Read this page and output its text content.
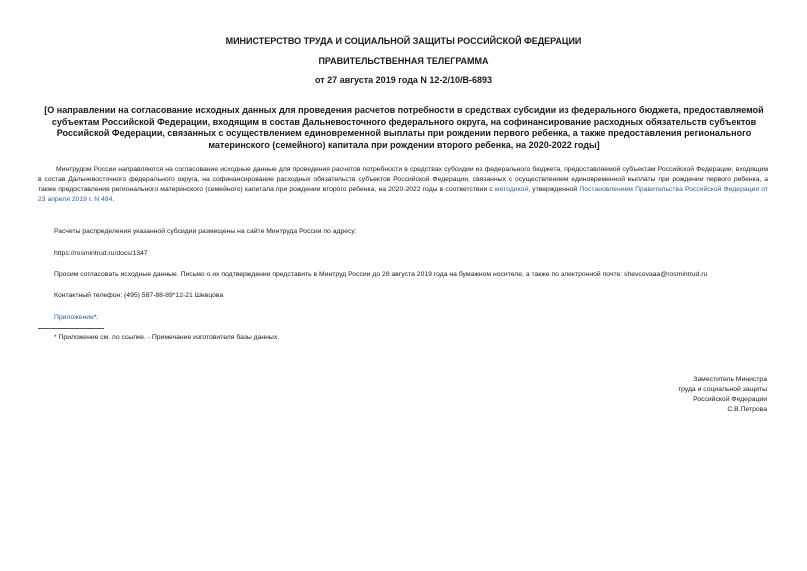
МИНИСТЕРСТВО ТРУДА И СОЦИАЛЬНОЙ ЗАЩИТЫ РОССИЙСКОЙ ФЕДЕРАЦИИ

ПРАВИТЕЛЬСТВЕННАЯ ТЕЛЕГРАММА

от 27 августа 2019 года N 12-2/10/В-6893

[О направлении на согласование исходных данных для проведения расчетов потребности в средствах субсидии из федерального бюджета, предоставляемой субъектам Российской Федерации, входящим в состав Дальневосточного федерального округа, на софинансирование расходных обязательств субъектов Российской Федерации, связанных с осуществлением единовременной выплаты при рождении первого ребенка, а также предоставления регионального материнского (семейного) капитала при рождении второго ребенка, на 2020-2022 годы]

Минтрудом России направляются на согласование исходные данные для проведения расчетов потребности в средствах субсидии из федерального бюджета, предоставляемой субъектам Российской Федерации, входящим в состав Дальневосточного федерального округа, на софинансирование расходных обязательств субъектов Российской Федерации, связанных с осуществлением единовременной выплаты при рождении первого ребенка, а также предоставления регионального материнского (семейного) капитала при рождении второго ребенка, на 2020-2022 годы в соответствии с методикой, утвержденной Постановлением Правительства Российской Федерации от 23 апреля 2019 г. N 484.

Расчеты распределения указанной субсидии размещены на сайте Минтруда России по адресу:

https://rosmintrud.ru/docs/1347

Просим согласовать исходные данные. Письмо о их подтверждении представить в Минтруд России до 28 августа 2019 года на бумажном носителе, а также по электронной почте: shevcovaaa@rosmintrud.ru

Контактный телефон: (495) 587-88-89*12-21 Шевцова

Приложение*.

* Приложение см. по ссылке. - Примечание изготовителя базы данных.

Заместитель Министра
труда и социальной защиты
Российской Федерации
С.В.Петрова
